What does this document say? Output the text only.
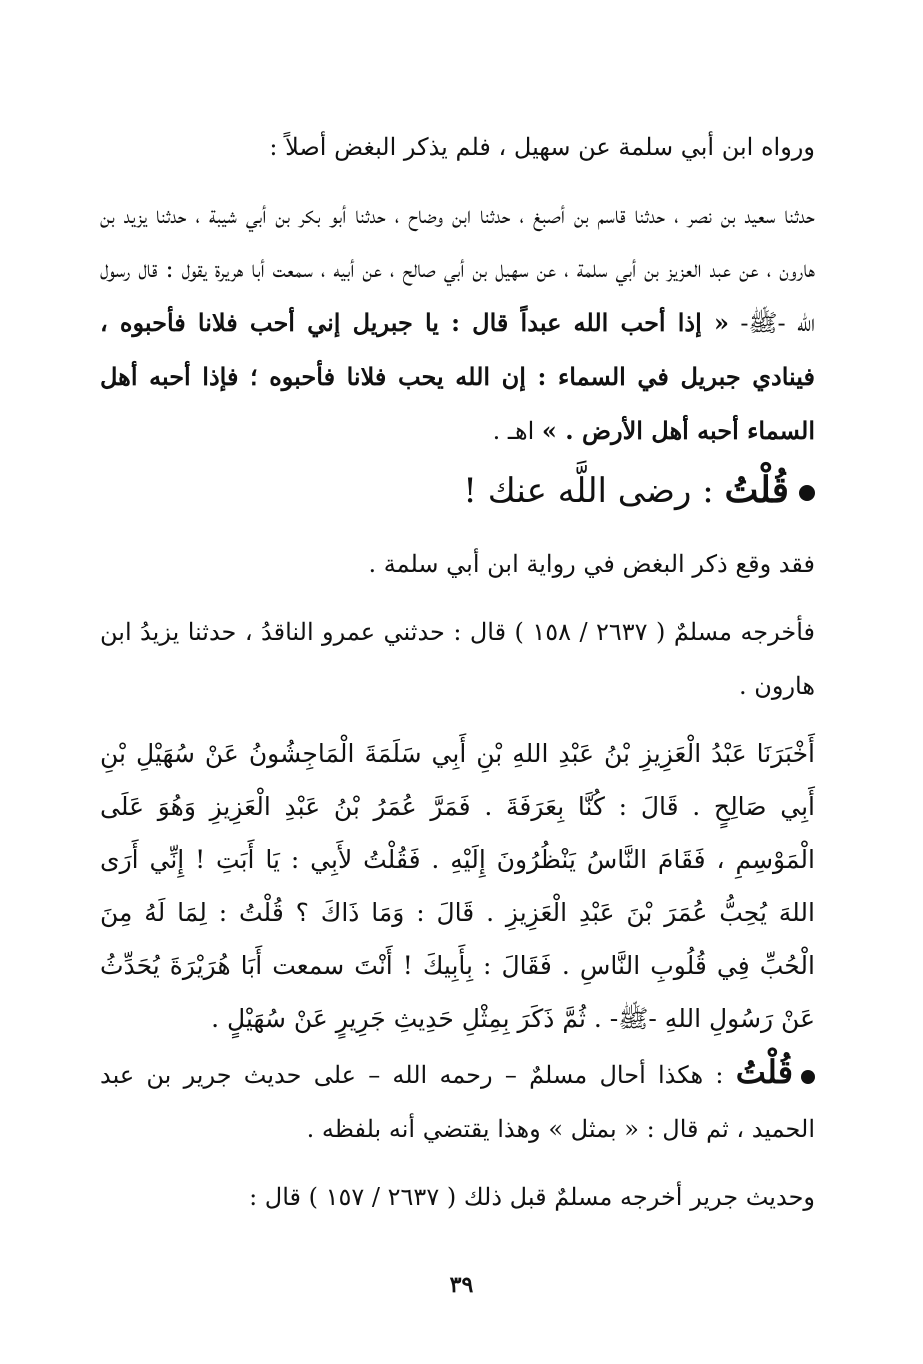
ورواه ابن أبي سلمة عن سهيل ، فلم يذكر البغض أصلاً :

حدثنا سعيد بن نصر ، حدثنا قاسم بن أصبغ ، حدثنا ابن وضاح ، حدثنا أبو بكر بن أبي شيبة ، حدثنا يزيد بن هارون ، عن عبد العزيز بن أبي سلمة ، عن سهيل بن أبي صالح ، عن أبيه ، سمعت أبا هريرة يقول : قال رسول الله -ﷺ- « إذا أحب الله عبداً قال : يا جبريل إني أحب فلانا فأحبوه ، فينادي جبريل في السماء : إن الله يحب فلانا فأحبوه ؛ فإذا أحبه أهل السماء أحبه أهل الأرض . » اهـ .

قُلْتُ : رضى اللَّه عنك !

فقد وقع ذكر البغض في رواية ابن أبي سلمة .

فأخرجه مسلمٌ ( ٢٦٣٧ / ١٥٨ ) قال : حدثني عمرو الناقدُ ، حدثنا يزيدُ ابن هارون .

أَخْبَرَنَا عَبْدُ الْعَزِيزِ بْنُ عَبْدِ اللهِ بْنِ أَبِي سَلَمَةَ الْمَاجِشُونُ عَنْ سُهَيْلِ بْنِ أَبِي صَالِحٍ . قَالَ : كُنَّا بِعَرَفَةَ . فَمَرَّ عُمَرُ بْنُ عَبْدِ الْعَزِيزِ وَهُوَ عَلَى الْمَوْسِمِ ، فَقَامَ النَّاسُ يَنْظُرُونَ إِلَيْهِ . فَقُلْتُ لأَبِي : يَا أَبَتِ ! إِنِّي أَرَى اللهَ يُحِبُّ عُمَرَ بْنَ عَبْدِ الْعَزِيزِ . قَالَ : وَمَا ذَاكَ ؟ قُلْتُ : لِمَا لَهُ مِنَ الْحُبِّ فِي قُلُوبِ النَّاسِ . فَقَالَ : بِأَبِيكَ ! أَنْتَ سمعت أَبَا هُرَيْرَةَ يُحَدِّثُ عَنْ رَسُولِ اللهِ -ﷺ- . ثُمَّ ذَكَرَ بِمِثْلِ حَدِيثِ جَرِيرٍ عَنْ سُهَيْلٍ .

قُلْتُ : هكذا أحال مسلمٌ – رحمه الله – على حديث جرير بن عبد الحميد ، ثم قال : « بمثل » وهذا يقتضي أنه بلفظه .

وحديث جرير أخرجه مسلمٌ قبل ذلك ( ٢٦٣٧ / ١٥٧ ) قال :

٣٩
